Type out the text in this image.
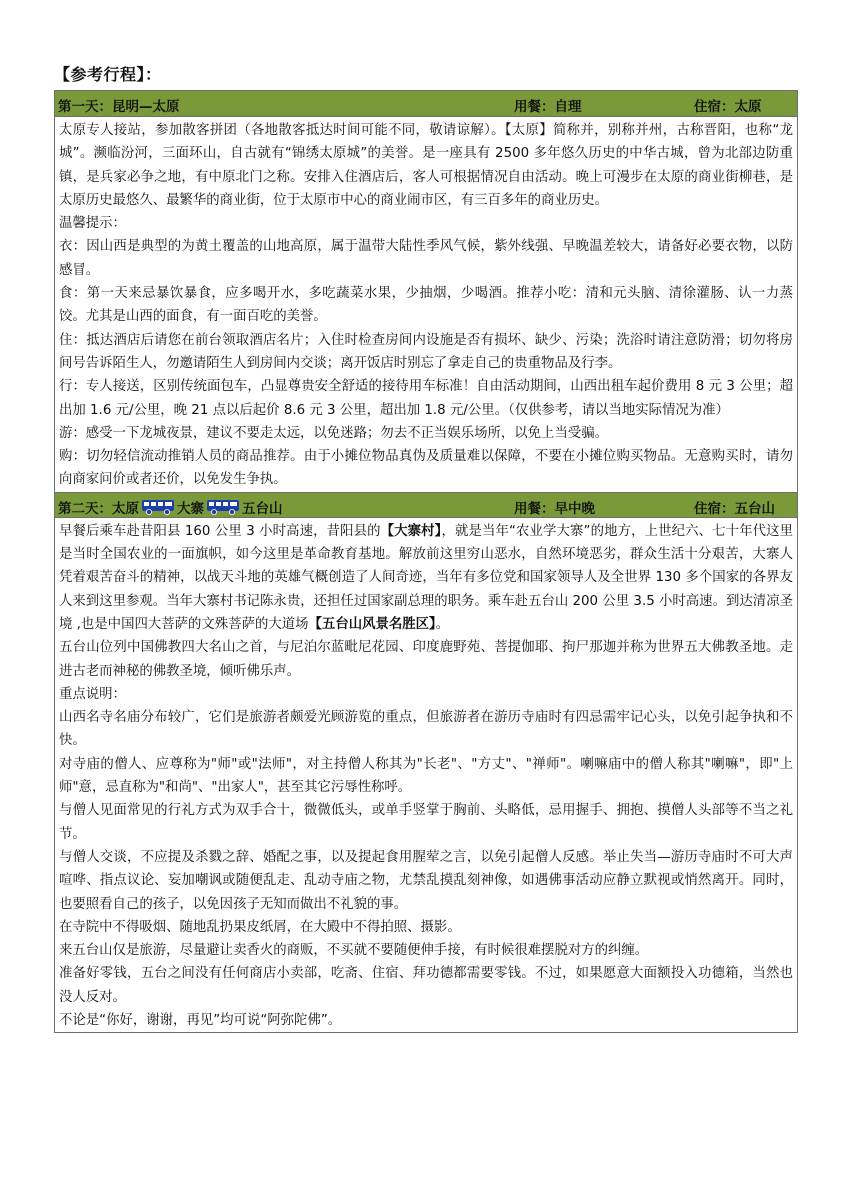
【参考行程】：
第一天：昆明—太原	用餐：自理	住宿：太原

太原专人接站，参加散客拼团（各地散客抵达时间可能不同，敬请谅解）。【太原】简称并，别称并州，古称晋阳，也称“龙城”。濒临汾河，三面环山，自古就有“锦绣太原城”的美誉。是一座具有 2500 多年悠久历史的中华古城，曾为北部边防重镇，是兵家必争之地，有中原北门之称。安排入住酒店后，客人可根据情况自由活动。晚上可漫步在太原的商业街柳巷，是太原历史最悠久、最繁华的商业街，位于太原市中心的商业闹市区，有三百多年的商业历史。

温馨提示：

衣：因山西是典型的为黄土覆盖的山地高原，属于温带大陆性季风气候，紫外线强、早晚温差较大，请备好必要衣物，以防感冒。

食：第一天来忌暴饮暴食，应多喝开水，多吃蔬菜水果，少抽烟，少喝酒。推荐小吃：清和元头脑、清徐灌肠、认一力蒸饺。尤其是山西的面食，有一面百吃的美誉。

住：抵达酒店后请您在前台领取酒店名片；入住时检查房间内设施是否有损坏、缺少、污染；洗浴时请注意防滑；切勿将房间号告诉陌生人，勿邀请陌生人到房间内交谈；离开饭店时别忘了拿走自己的贵重物品及行李。

行：专人接送，区别传统面包车，凸显尊贵安全舒适的接待用车标准！自由活动期间，山西出租车起价费用 8 元 3 公里；超出加 1.6 元/公里，晚 21 点以后起价 8.6 元 3 公里，超出加 1.8 元/公里。（仅供参考，请以当地实际情况为准）

游：感受一下龙城夜景，建议不要走太远，以免迷路；勿去不正当娱乐场所，以免上当受骗。

购：切勿轻信流动推销人员的商品推荐。由于小摊位物品真伪及质量难以保障，不要在小摊位购买物品。无意购买时，请勿向商家问价或者还价，以免发生争执。

第二天：太原	大寨	五台山	用餐：早中晚	住宿：五台山

早餐后乘车赴昔阳县 160 公里 3 小时高速，昔阳县的【大寨村】，就是当年“农业学大寨”的地方，上世纪六、七十年代这里是当时全国农业的一面旗帜，如今这里是革命教育基地。解放前这里穷山恶水，自然环境恶劣，群众生活十分艰苦，大寨人凭着艰苦奋斗的精神，以战天斗地的英雄气概创造了人间奇迹，当年有多位党和国家领导人及全世界 130 多个国家的各界友人来到这里参观。当年大寨村书记陈永贵，还担任过国家副总理的职务。乘车赴五台山 200 公里 3.5 小时高速。到达清凉圣境 ,也是中国四大菩萨的文殊菩萨的大道场【五台山风景名胜区】。

五台山位列中国佛教四大名山之首，与尼泊尔蓝毗尼花园、印度鹿野苑、菩提伽耶、拘尸那迦并称为世界五大佛教圣地。走进古老而神秘的佛教圣境，倾听佛乐声。

重点说明：

山西名寺名庙分布较广，它们是旅游者颇爱光顾游览的重点，但旅游者在游历寺庙时有四忌需牢记心头，以免引起争执和不快。

对寺庙的僧人、应尊称为"师"或"法师"，对主持僧人称其为"长老"、"方丈"、"禅师"。喇嘛庙中的僧人称其"喇嘛"，即"上师"意，忌直称为"和尚"、"出家人"，甚至其它污辱性称呼。

与僧人见面常见的行礼方式为双手合十，微微低头，或单手竖掌于胸前、头略低，忌用握手、拥抱、摸僧人头部等不当之礼节。

与僧人交谈，不应提及杀戮之辞、婚配之事，以及提起食用腥荤之言，以免引起僧人反感。举止失当—游历寺庙时不可大声喧哗、指点议论、妄加嘲讽或随便乱走、乱动寺庙之物，尤禁乱摸乱刻神像，如遇佛事活动应静立默视或悄然离开。同时，也要照看自己的孩子，以免因孩子无知而做出不礼貌的事。

在寺院中不得吸烟、随地乱扔果皮纸屑，在大殿中不得拍照、摄影。

来五台山仅是旅游，尽量避让卖香火的商贩，不买就不要随便伸手接，有时候很难摆脱对方的纠缠。

准备好零钱，五台之间没有任何商店小卖部，吃斋、住宿、拜功德都需要零钱。不过，如果愿意大面额投入功德箱，当然也没人反对。

不论是“你好，谢谢，再见”均可说“阿弥陀佛”。
